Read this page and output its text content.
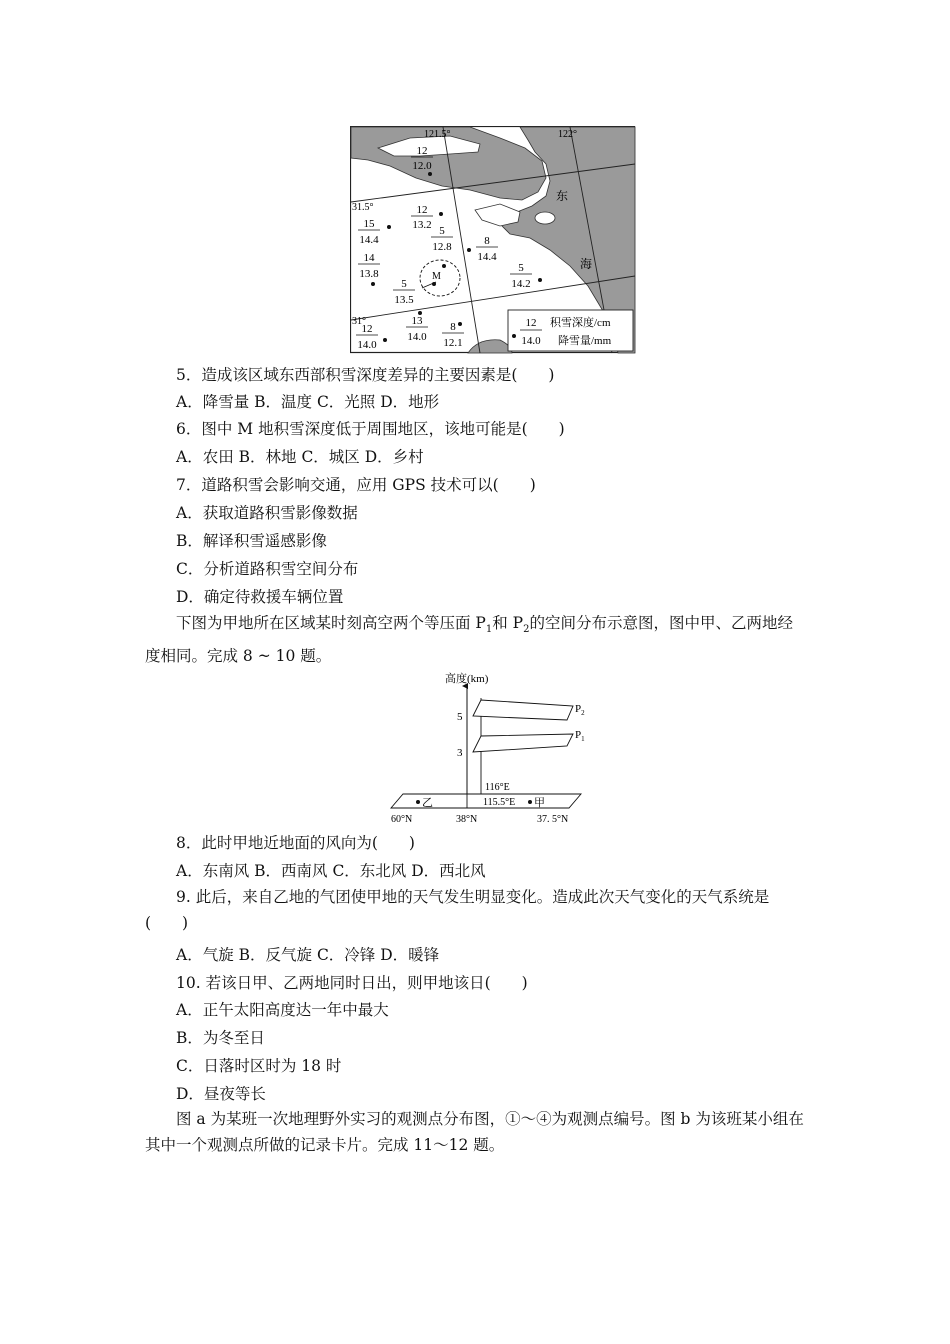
121.5°	122°
31.5°
31°
东
海
12
12.0
12
13.2
15
14.4
5
12.8	8
14.4
14
13.8	5
14.2
5
13.5
13
14.0
12
14.0
8
12.1
M
12
14.0
积雪深度/cm
降雪量/mm
5．造成该区域东西部积雪深度差异的主要因素是(　　)
A．降雪量 B．温度 C．光照 D．地形
6．图中 M 地积雪深度低于周围地区，该地可能是(　　)
A．农田 B．林地 C．城区 D．乡村
7．道路积雪会影响交通，应用 GPS 技术可以(　　)
A．获取道路积雪影像数据
B．解译积雪遥感影像
C．分析道路积雪空间分布
D．确定待救援车辆位置
下图为甲地所在区域某时刻高空两个等压面 $P_1$和 $P_2$的空间分布示意图，图中甲、乙两地经度相同。完成 8 ~ 10 题。
高度(km)
5
3
$P_2$
$P_1$
116°E
115.5°E
乙	甲
60°N	38°N	37. 5°N
8．此时甲地近地面的风向为(　　)
A．东南风 B．西南风 C．东北风 D．西北风
9. 此后，来自乙地的气团使甲地的天气发生明显变化。造成此次天气变化的天气系统是(　　)
A．气旋 B．反气旋 C．冷锋 D．暖锋
10. 若该日甲、乙两地同时日出，则甲地该日(　　)
A．正午太阳高度达一年中最大
B．为冬至日
C．日落时区时为 18 时
D．昼夜等长
图 a 为某班一次地理野外实习的观测点分布图，①～④为观测点编号。图 b 为该班某小组在其中一个观测点所做的记录卡片。完成 11～12 题。
